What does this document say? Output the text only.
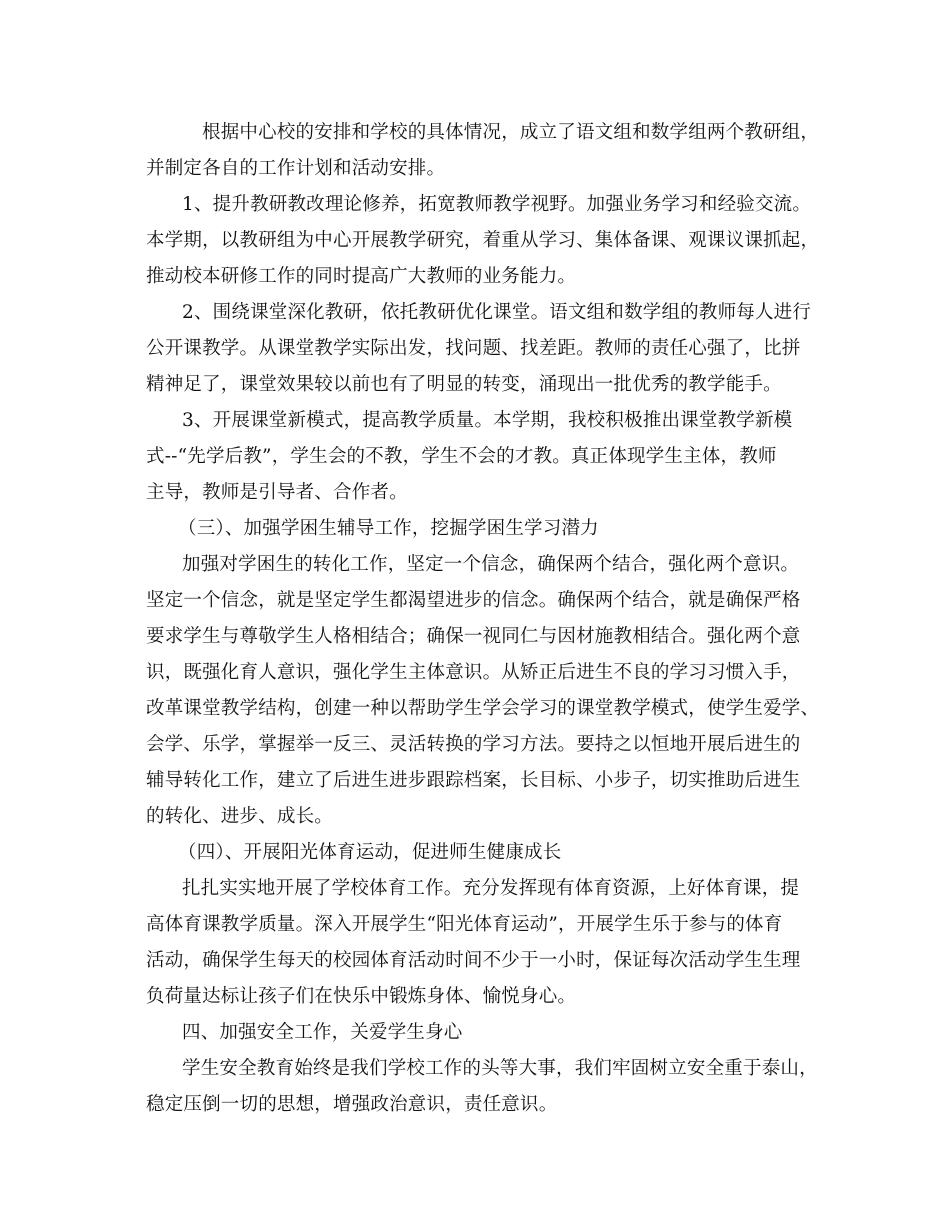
根据中心校的安排和学校的具体情况，成立了语文组和数学组两个教研组，
并制定各自的工作计划和活动安排。
1、提升教研教改理论修养，拓宽教师教学视野。加强业务学习和经验交流。
本学期，以教研组为中心开展教学研究，着重从学习、集体备课、观课议课抓起，
推动校本研修工作的同时提高广大教师的业务能力。
2、围绕课堂深化教研，依托教研优化课堂。语文组和数学组的教师每人进行
公开课教学。从课堂教学实际出发，找问题、找差距。教师的责任心强了，比拼
精神足了，课堂效果较以前也有了明显的转变，涌现出一批优秀的教学能手。
3、开展课堂新模式，提高教学质量。本学期，我校积极推出课堂教学新模
式--“先学后教”，学生会的不教，学生不会的才教。真正体现学生主体，教师
主导，教师是引导者、合作者。
（三）、加强学困生辅导工作，挖掘学困生学习潜力
加强对学困生的转化工作，坚定一个信念，确保两个结合，强化两个意识。
坚定一个信念，就是坚定学生都渴望进步的信念。确保两个结合，就是确保严格
要求学生与尊敬学生人格相结合；确保一视同仁与因材施教相结合。强化两个意
识，既强化育人意识，强化学生主体意识。从矫正后进生不良的学习习惯入手，
改革课堂教学结构，创建一种以帮助学生学会学习的课堂教学模式，使学生爱学、
会学、乐学，掌握举一反三、灵活转换的学习方法。要持之以恒地开展后进生的
辅导转化工作，建立了后进生进步跟踪档案，长目标、小步子，切实推助后进生
的转化、进步、成长。
（四）、开展阳光体育运动，促进师生健康成长
扎扎实实地开展了学校体育工作。充分发挥现有体育资源，上好体育课，提
高体育课教学质量。深入开展学生“阳光体育运动”，开展学生乐于参与的体育
活动，确保学生每天的校园体育活动时间不少于一小时，保证每次活动学生生理
负荷量达标让孩子们在快乐中锻炼身体、愉悦身心。
四、加强安全工作，关爱学生身心
学生安全教育始终是我们学校工作的头等大事，我们牢固树立安全重于泰山，
稳定压倒一切的思想，增强政治意识，责任意识。
